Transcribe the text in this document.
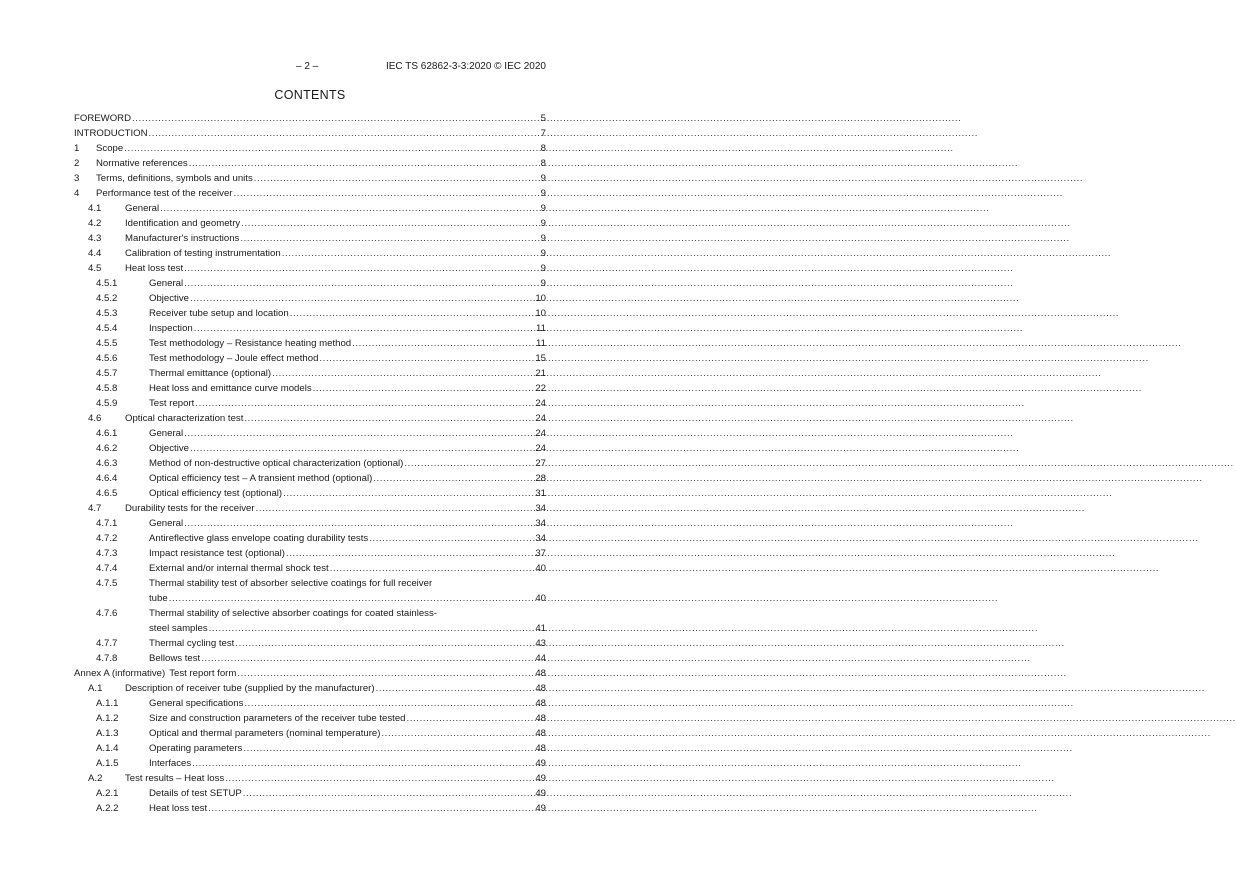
– 2 –	IEC TS 62862-3-3:2020 © IEC 2020
CONTENTS
FOREWORD .....	5
INTRODUCTION .....	7
1	Scope .....	8
2	Normative references .....	8
3	Terms, definitions, symbols and units .....	9
4	Performance test of the receiver .....	9
4.1	General .....	9
4.2	Identification and geometry .....	9
4.3	Manufacturer's instructions .....	9
4.4	Calibration of testing instrumentation .....	9
4.5	Heat loss test .....	9
4.5.1	General .....	9
4.5.2	Objective .....	10
4.5.3	Receiver tube setup and location .....	10
4.5.4	Inspection .....	11
4.5.5	Test methodology – Resistance heating method .....	11
4.5.6	Test methodology – Joule effect method .....	15
4.5.7	Thermal emittance (optional) .....	21
4.5.8	Heat loss and emittance curve models .....	22
4.5.9	Test report .....	24
4.6	Optical characterization test .....	24
4.6.1	General .....	24
4.6.2	Objective .....	24
4.6.3	Method of non-destructive optical characterization (optional) .....	27
4.6.4	Optical efficiency test – A transient method (optional) .....	28
4.6.5	Optical efficiency test (optional) .....	31
4.7	Durability tests for the receiver .....	34
4.7.1	General .....	34
4.7.2	Antireflective glass envelope coating durability tests .....	34
4.7.3	Impact resistance test (optional) .....	37
4.7.4	External and/or internal thermal shock test .....	40
4.7.5	Thermal stability test of absorber selective coatings for full receiver
tube .....	40
4.7.6	Thermal stability of selective absorber coatings for coated stainless-
steel samples .....	41
4.7.7	Thermal cycling test .....	43
4.7.8	Bellows test .....	44
Annex A (informative) Test report form .....	48
A.1	Description of receiver tube (supplied by the manufacturer) .....	48
A.1.1	General specifications .....	48
A.1.2	Size and construction parameters of the receiver tube tested .....	48
A.1.3	Optical and thermal parameters (nominal temperature) .....	48
A.1.4	Operating parameters .....	48
A.1.5	Interfaces .....	49
A.2	Test results – Heat loss .....	49
A.2.1	Details of test SETUP .....	49
A.2.2	Heat loss test .....	49
